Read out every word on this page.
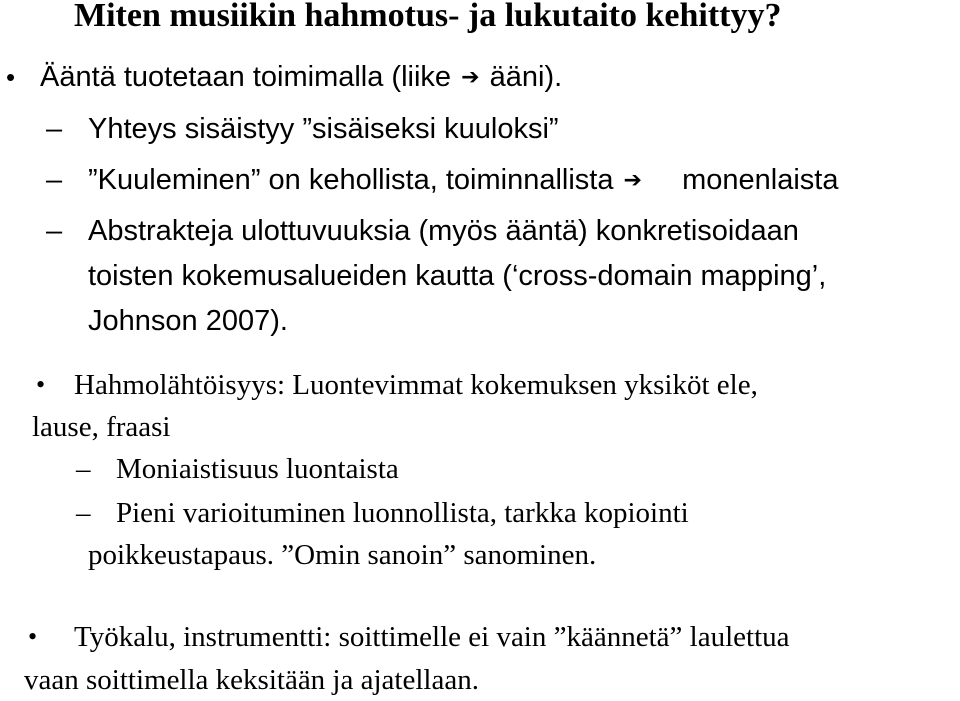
Miten musiikin hahmotus- ja lukutaito kehittyy?
• Ääntä tuotetaan toimimalla (liike ➔ ääni).
– Yhteys sisäistyy ”sisäiseksi kuuloksi”
– ”Kuuleminen” on kehollista, toiminnallista ➔ monenlaista
– Abstrakteja ulottuvuuksia (myös ääntä) konkretisoidaan
toisten kokemusalueiden kautta (‘cross-domain mapping’,
Johnson 2007).
• Hahmolähtöisyys: Luontevimmat kokemuksen yksiköt ele,
lause, fraasi
– Moniaistisuus luontaista
– Pieni varioituminen luonnollista, tarkka kopiointi
poikkeustapaus. ”Omin sanoin” sanominen.
• Työkalu, instrumentti: soittimelle ei vain ”käännetä” laulettua
vaan soittimella keksitään ja ajatellaan.
